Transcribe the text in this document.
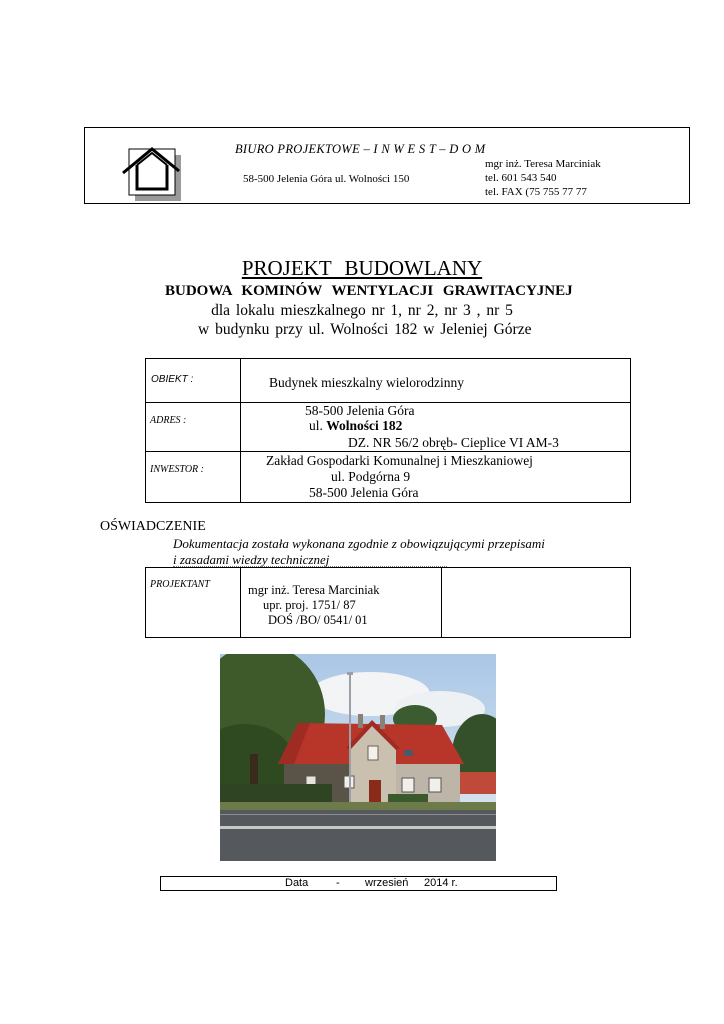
BIURO PROJEKTOWE – I N W E S T – D O M
58-500 Jelenia Góra ul. Wolności 150
mgr inż. Teresa Marciniak
tel. 601 543 540
tel. FAX (75 755 77 77
PROJEKT BUDOWLANY
BUDOWA KOMINÓW WENTYLACJI GRAWITACYJNEJ
dla lokalu mieszkalnego nr 1, nr 2, nr 3 , nr 5
w budynku przy ul. Wolności 182 w Jeleniej Górze
OBIEKT :	Budynek mieszkalny wielorodzinny
ADRES :
58-500 Jelenia Góra
ul. Wolności 182
DZ. NR 56/2 obręb- Cieplice VI AM-3
INWESTOR :
Zakład Gospodarki Komunalnej i Mieszkaniowej
ul. Podgórna 9
58-500 Jelenia Góra
OŚWIADCZENIE
Dokumentacja została wykonana zgodnie z obowiązującymi przepisami
i zasadami wiedzy technicznej
PROJEKTANT	mgr inż. Teresa Marciniak
upr. proj. 1751/ 87
DOŚ /BO/ 0541/ 01
Data	- wrzesień 2014 r.
